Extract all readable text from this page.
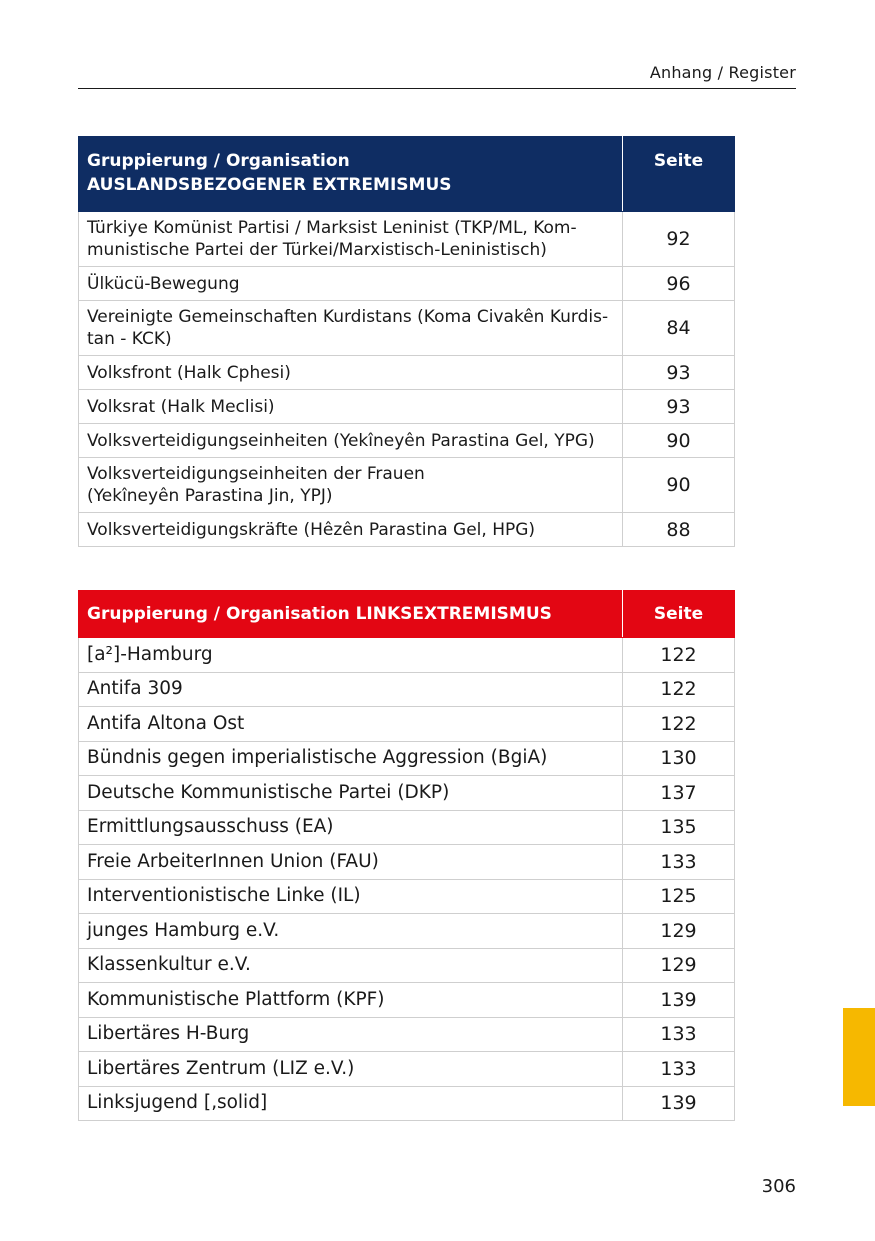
Anhang / Register
Gruppierung / Organisation
AUSLANDSBEZOGENER EXTREMISMUS	Seite
Türkiye Komünist Partisi / Marksist Leninist (TKP/ML, Kom-
munistische Partei der Türkei/Marxistisch-Leninistisch)	92
Ülkücü-Bewegung	96
Vereinigte Gemeinschaften Kurdistans (Koma Civakên Kurdis-
tan - KCK)	84
Volksfront (Halk Cphesi)	93
Volksrat (Halk Meclisi)	93
Volksverteidigungseinheiten (Yekîneyên Parastina Gel, YPG)	90
Volksverteidigungseinheiten der Frauen
(Yekîneyên Parastina Jin, YPJ)	90
Volksverteidigungskräfte (Hêzên Parastina Gel, HPG)	88
Gruppierung / Organisation LINKSEXTREMISMUS	Seite
[a²]-Hamburg	122
Antifa 309	122
Antifa Altona Ost	122
Bündnis gegen imperialistische Aggression (BgiA)	130
Deutsche Kommunistische Partei (DKP)	137
Ermittlungsausschuss (EA)	135
Freie ArbeiterInnen Union (FAU)	133
Interventionistische Linke (IL)	125
junges Hamburg e.V.	129
Klassenkultur e.V.	129
Kommunistische Plattform (KPF)	139
Libertäres H-Burg	133
Libertäres Zentrum (LIZ e.V.)	133
Linksjugend [‚solid]	139
306
